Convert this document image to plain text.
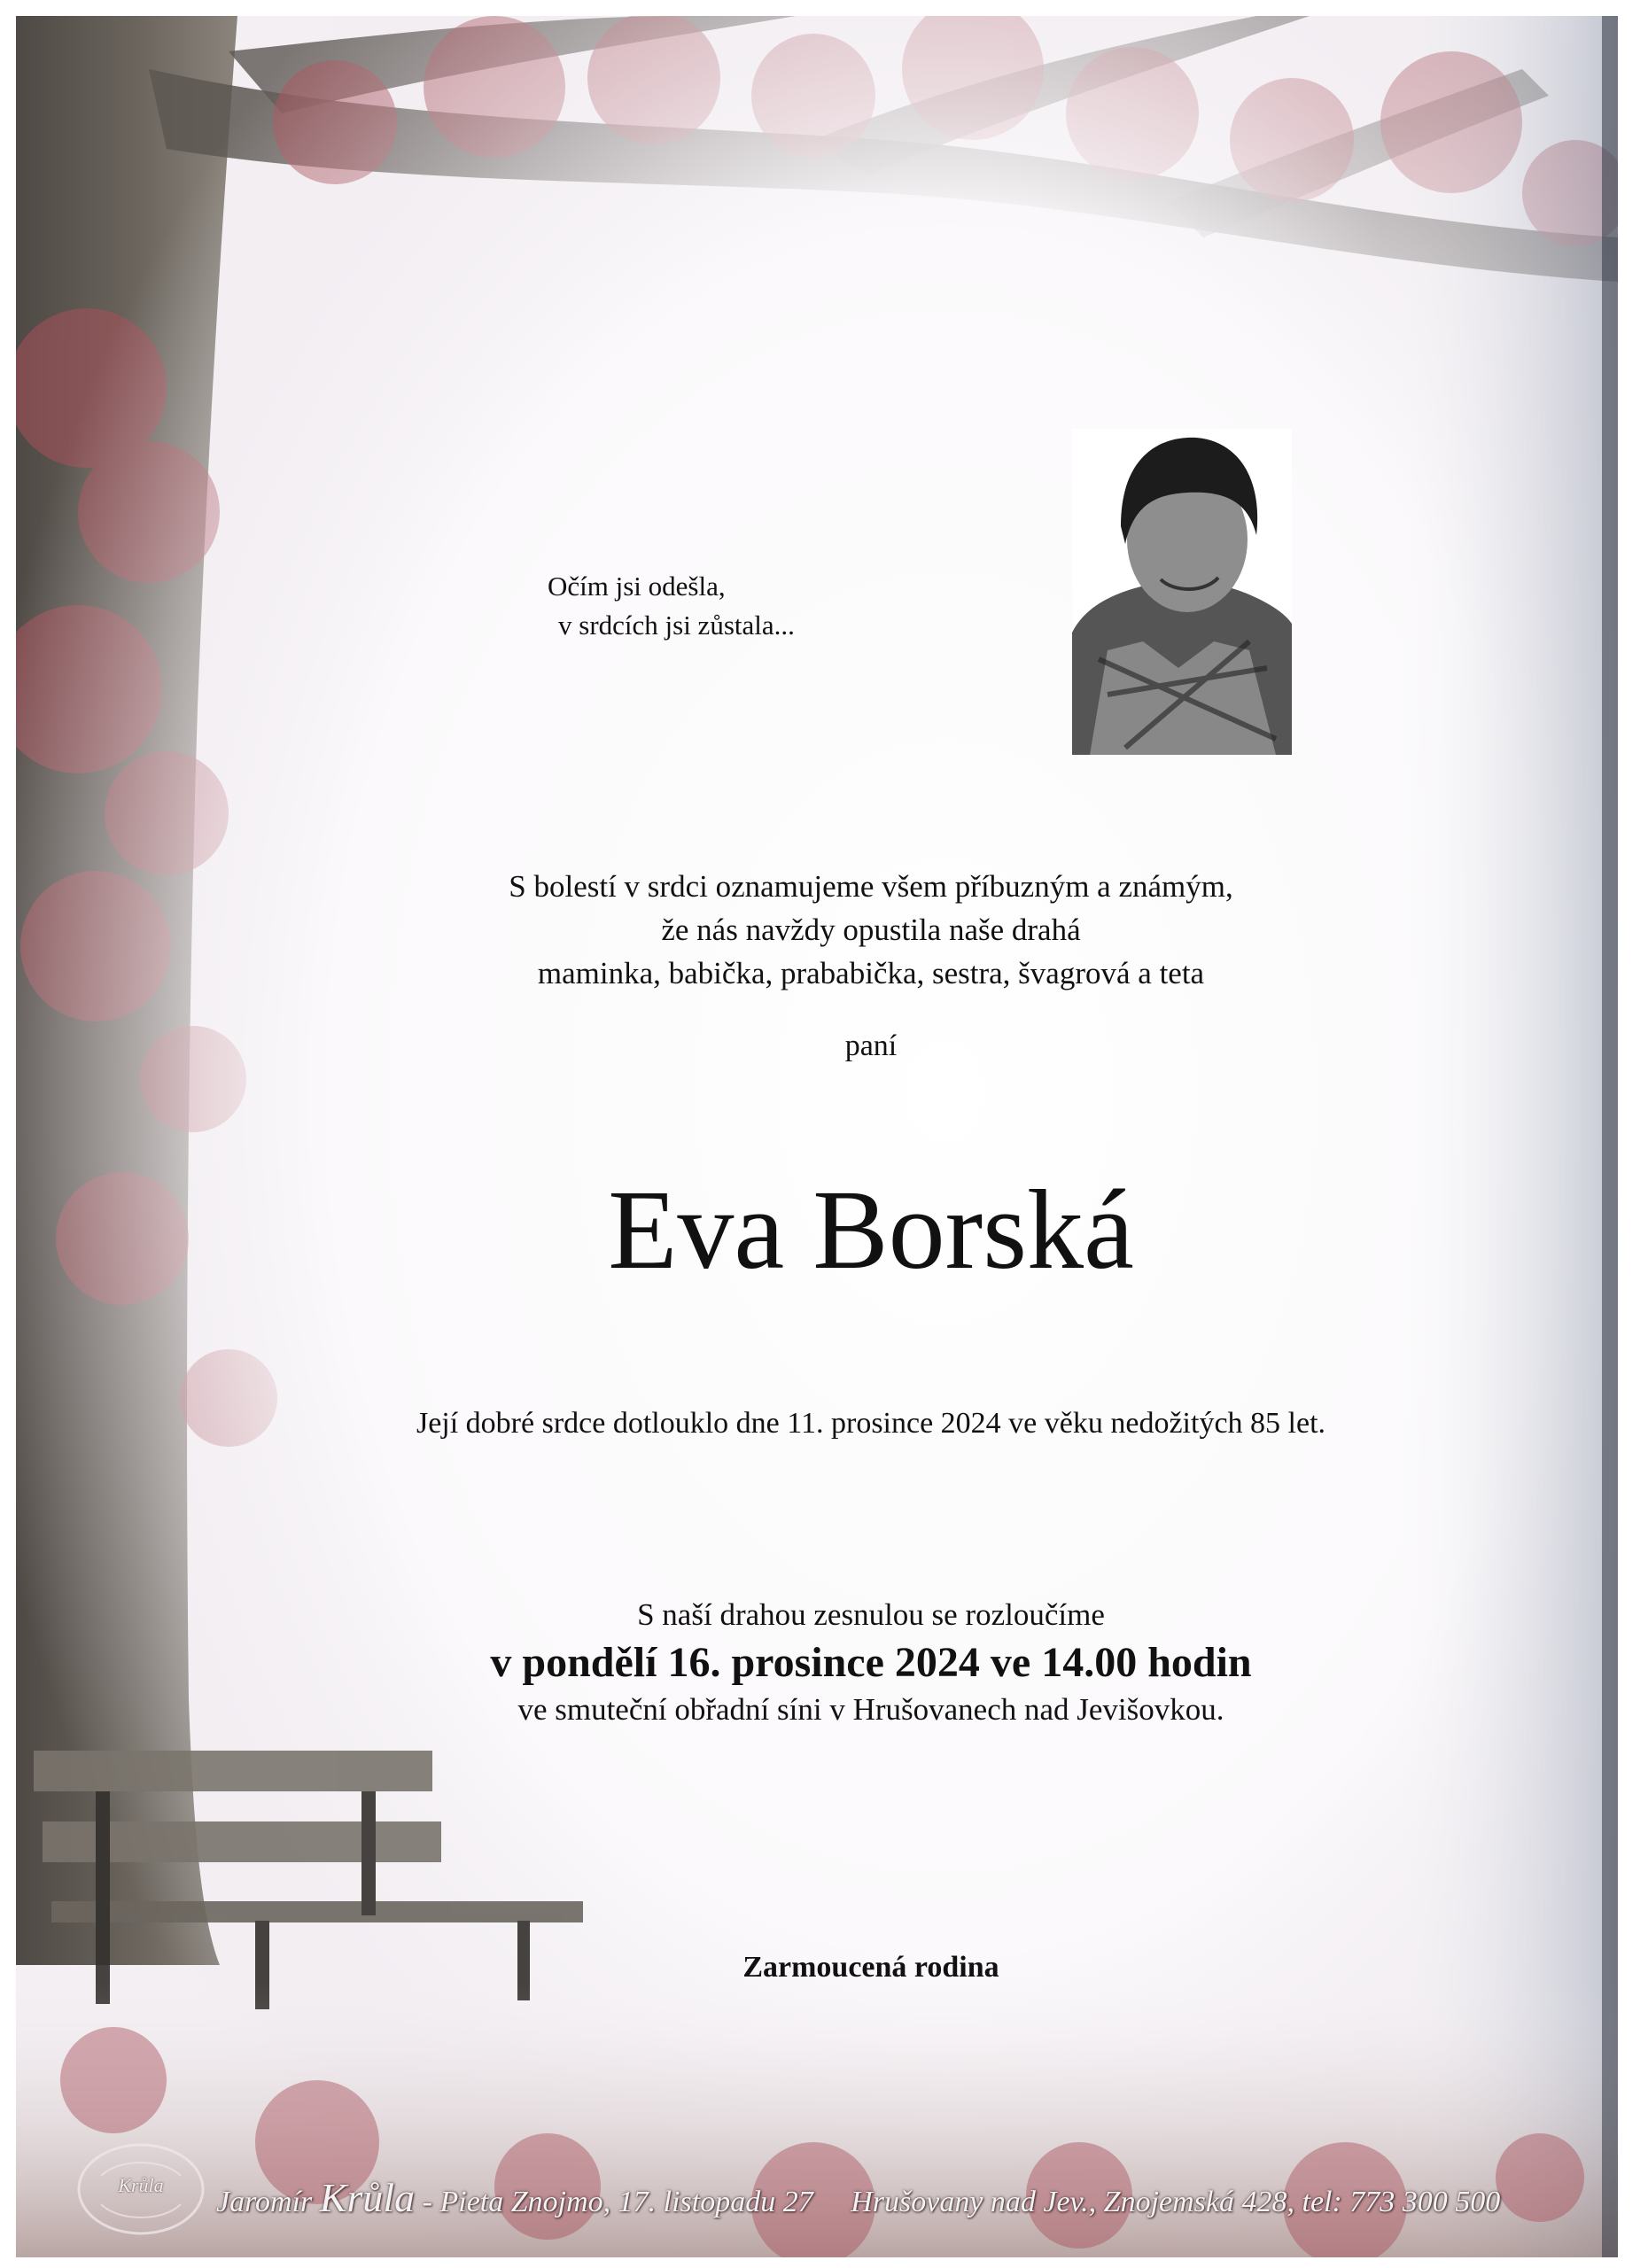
Očím jsi odešla,
v srdcích jsi zůstala...
S bolestí v srdci oznamujeme všem příbuzným a známým,
že nás navždy opustila naše drahá
maminka, babička, prababička, sestra, švagrová a teta
paní
Eva Borská
Její dobré srdce dotlouklo dne 11. prosince 2024 ve věku nedožitých 85 let.
S naší drahou zesnulou se rozloučíme
v pondělí 16. prosince 2024 ve 14.00 hodin
ve smuteční obřadní síni v Hrušovanech nad Jevišovkou.
Zarmoucená rodina
Krůla
Jaromír Krůla - Pieta Znojmo, 17. listopadu 27 Hrušovany nad Jev., Znojemská 428, tel: 773 300 500
